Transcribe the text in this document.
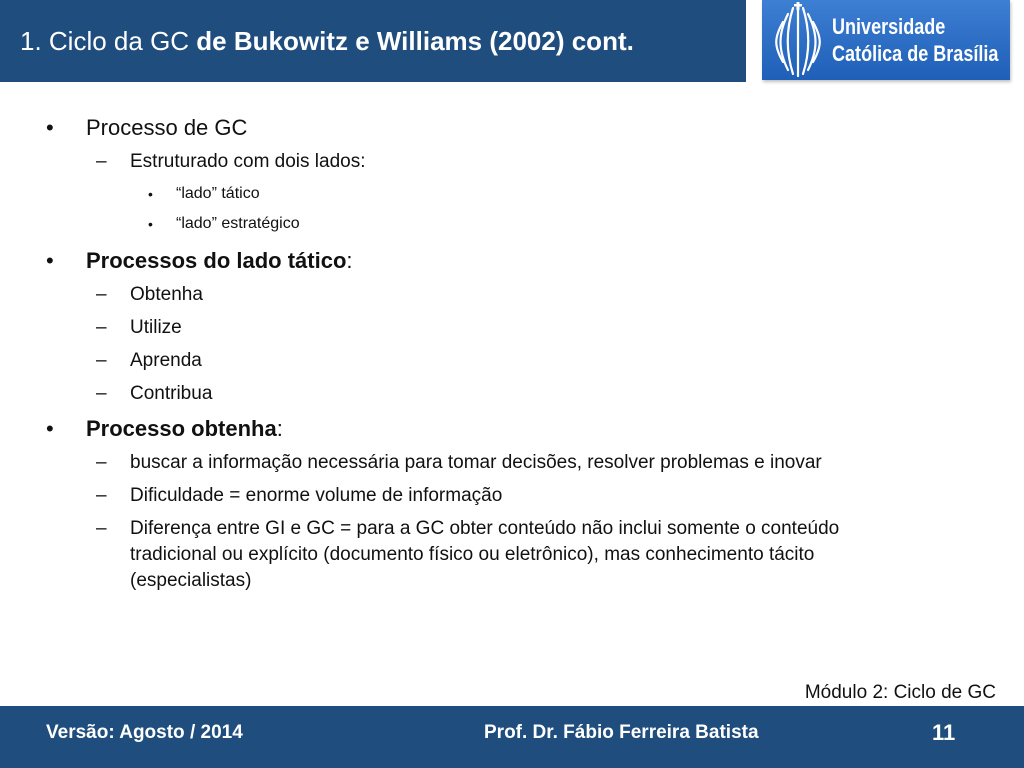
1. Ciclo da GC de Bukowitz e Williams (2002) cont.	Universidade
Católica de Brasília
• Processo de GC
– Estruturado com dois lados:
• “lado” tático
• “lado” estratégico
• Processos do lado tático:
– Obtenha
– Utilize
– Aprenda
– Contribua
• Processo obtenha:
– buscar a informação necessária para tomar decisões, resolver problemas e inovar
– Dificuldade = enorme volume de informação
– Diferença entre GI e GC = para a GC obter conteúdo não inclui somente o conteúdo tradicional ou explícito (documento físico ou eletrônico), mas conhecimento tácito (especialistas)
Módulo 2: Ciclo de GC
Versão: Agosto / 2014	Prof. Dr. Fábio Ferreira Batista	11
